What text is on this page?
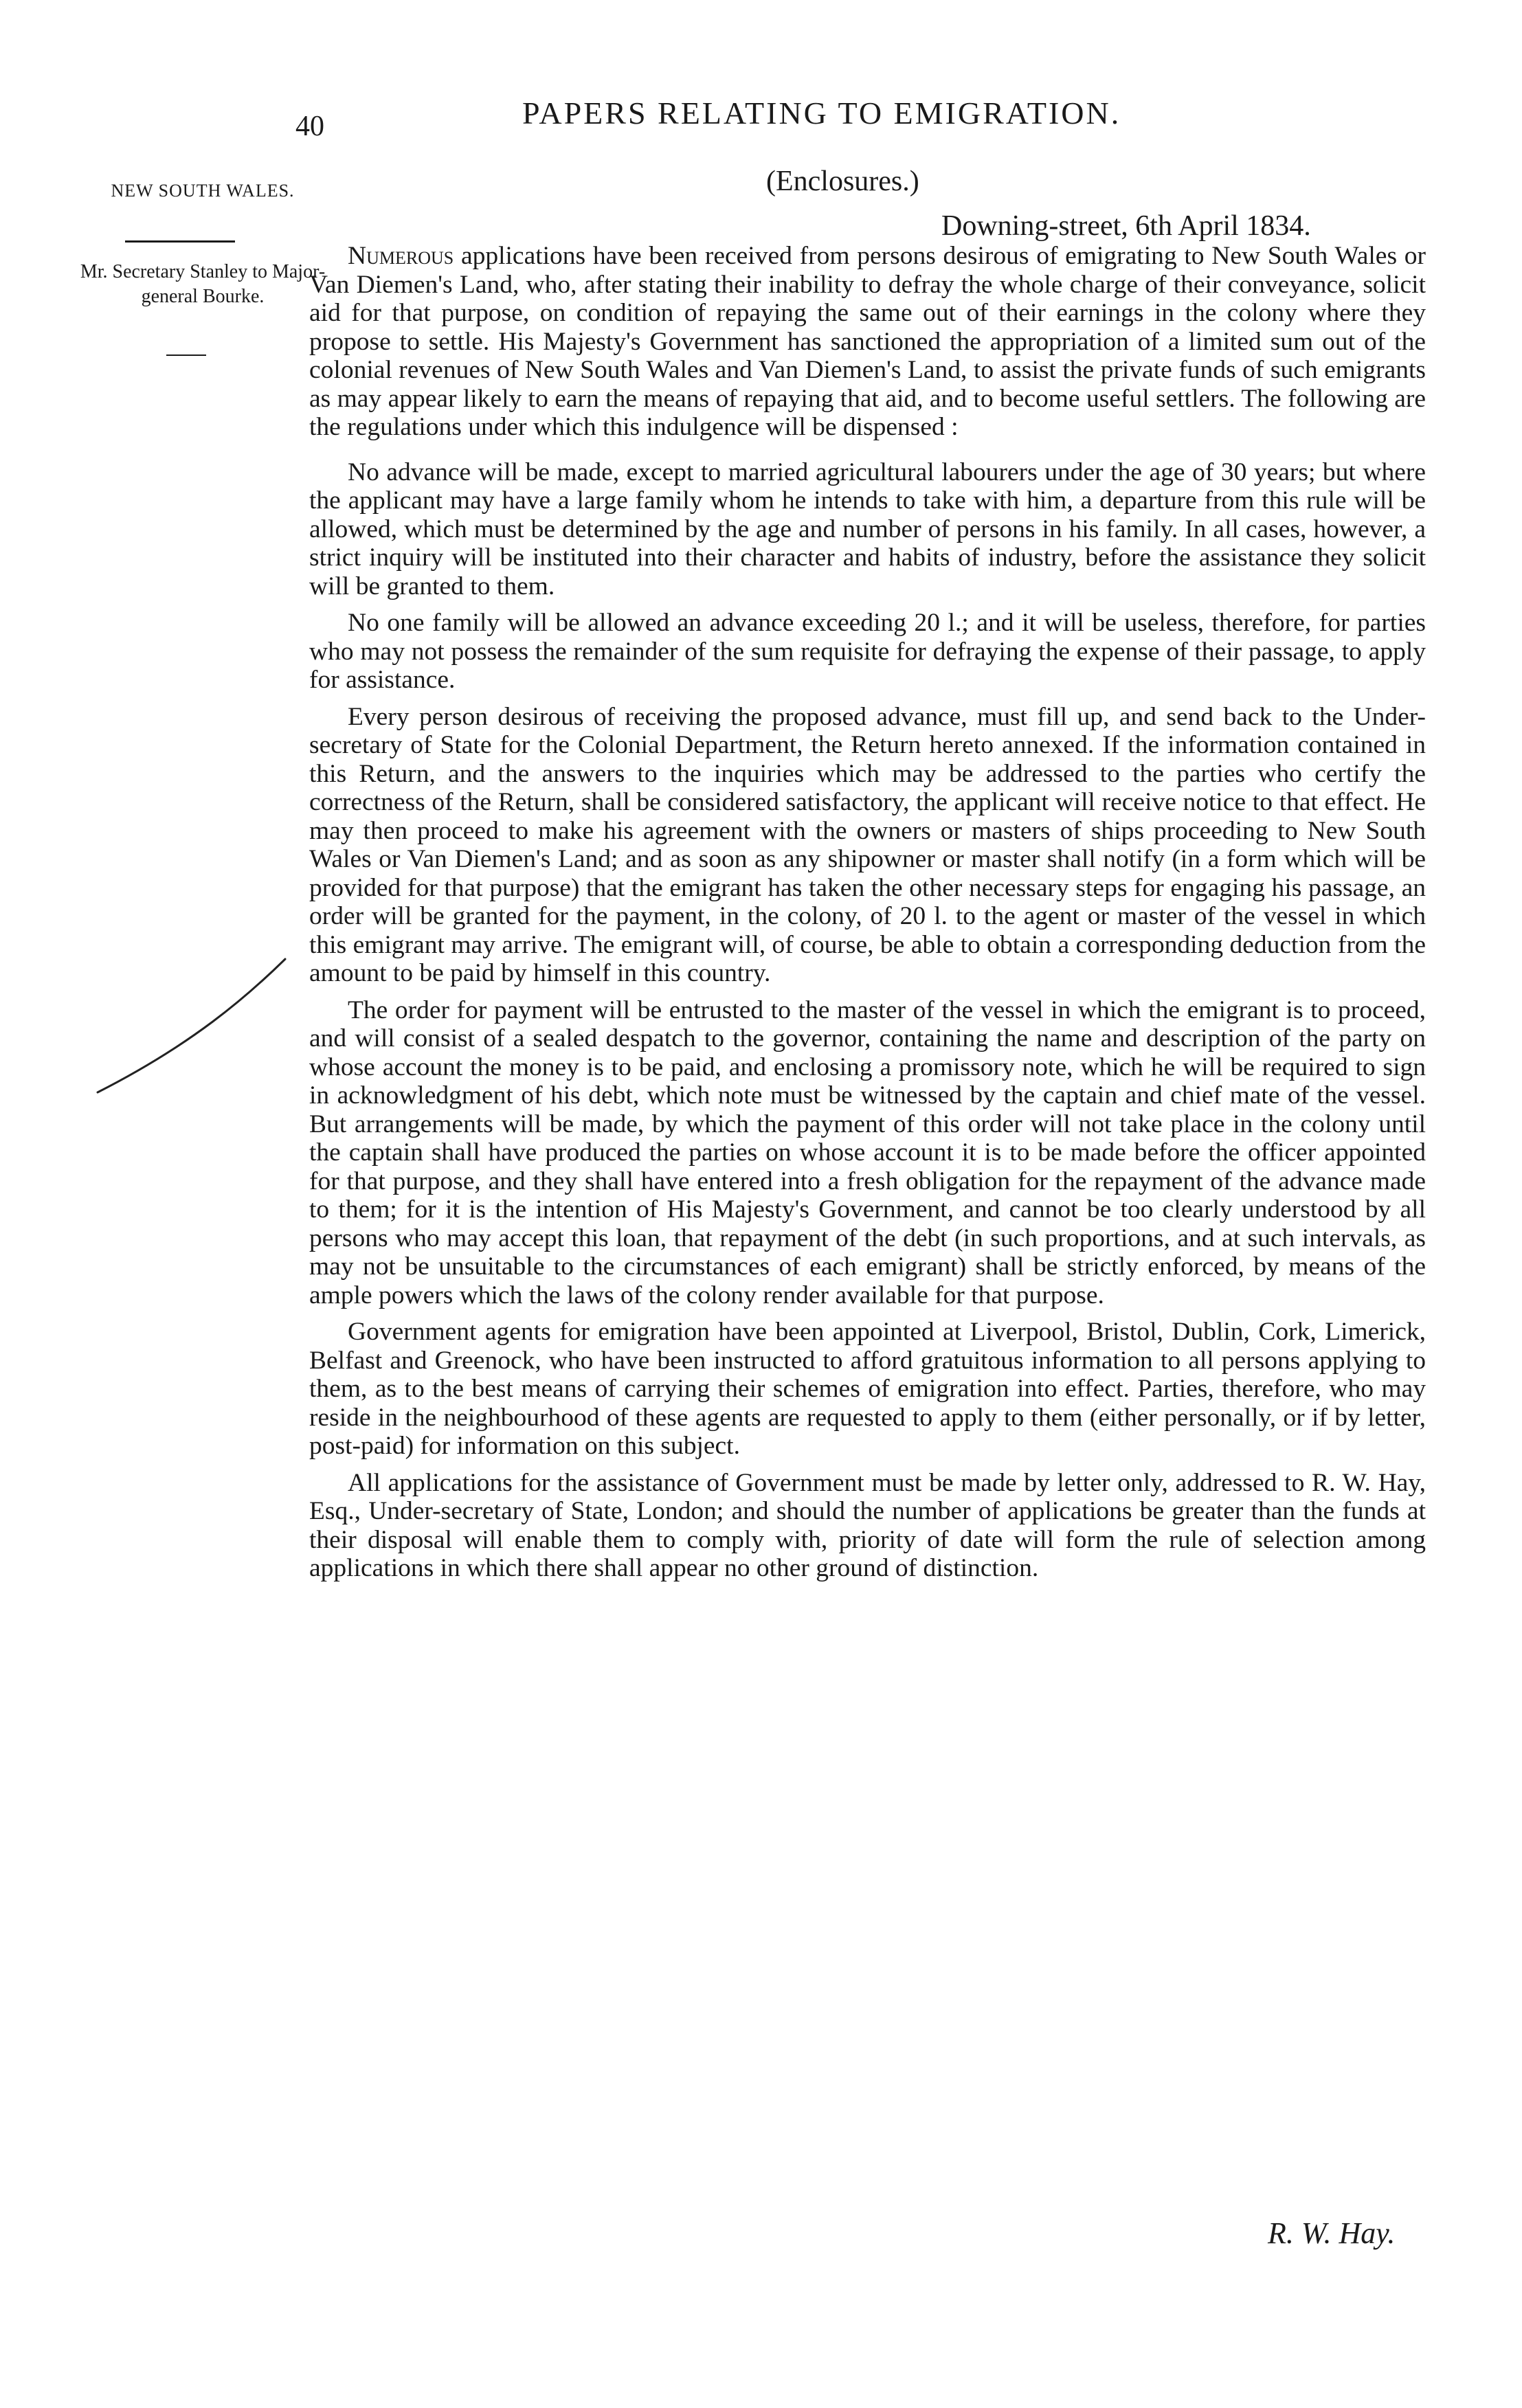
40	PAPERS RELATING TO EMIGRATION.
NEW SOUTH WALES.
Mr. Secretary Stanley to Major-general Bourke.
(Enclosures.)
Downing-street, 6th April 1834.

Numerous applications have been received from persons desirous of emigrating to New South Wales or Van Diemen's Land, who, after stating their inability to defray the whole charge of their conveyance, solicit aid for that purpose, on condition of repaying the same out of their earnings in the colony where they propose to settle. His Majesty's Government has sanctioned the appropriation of a limited sum out of the colonial revenues of New South Wales and Van Diemen's Land, to assist the private funds of such emigrants as may appear likely to earn the means of repaying that aid, and to become useful settlers. The following are the regulations under which this indulgence will be dispensed :

No advance will be made, except to married agricultural labourers under the age of 30 years; but where the applicant may have a large family whom he intends to take with him, a departure from this rule will be allowed, which must be determined by the age and number of persons in his family. In all cases, however, a strict inquiry will be instituted into their character and habits of industry, before the assistance they solicit will be granted to them.

No one family will be allowed an advance exceeding 20 l.; and it will be useless, therefore, for parties who may not possess the remainder of the sum requisite for defraying the expense of their passage, to apply for assistance.

Every person desirous of receiving the proposed advance, must fill up, and send back to the Under-secretary of State for the Colonial Department, the Return hereto annexed. If the information contained in this Return, and the answers to the inquiries which may be addressed to the parties who certify the correctness of the Return, shall be considered satisfactory, the applicant will receive notice to that effect. He may then proceed to make his agreement with the owners or masters of ships proceeding to New South Wales or Van Diemen's Land; and as soon as any shipowner or master shall notify (in a form which will be provided for that purpose) that the emigrant has taken the other necessary steps for engaging his passage, an order will be granted for the payment, in the colony, of 20 l. to the agent or master of the vessel in which this emigrant may arrive. The emigrant will, of course, be able to obtain a corresponding deduction from the amount to be paid by himself in this country.

The order for payment will be entrusted to the master of the vessel in which the emigrant is to proceed, and will consist of a sealed despatch to the governor, containing the name and description of the party on whose account the money is to be paid, and enclosing a promissory note, which he will be required to sign in acknowledgment of his debt, which note must be witnessed by the captain and chief mate of the vessel. But arrangements will be made, by which the payment of this order will not take place in the colony until the captain shall have produced the parties on whose account it is to be made before the officer appointed for that purpose, and they shall have entered into a fresh obligation for the repayment of the advance made to them; for it is the intention of His Majesty's Government, and cannot be too clearly understood by all persons who may accept this loan, that repayment of the debt (in such proportions, and at such intervals, as may not be unsuitable to the circumstances of each emigrant) shall be strictly enforced, by means of the ample powers which the laws of the colony render available for that purpose.

Government agents for emigration have been appointed at Liverpool, Bristol, Dublin, Cork, Limerick, Belfast and Greenock, who have been instructed to afford gratuitous information to all persons applying to them, as to the best means of carrying their schemes of emigration into effect. Parties, therefore, who may reside in the neighbourhood of these agents are requested to apply to them (either personally, or if by letter, post-paid) for information on this subject.

All applications for the assistance of Government must be made by letter only, addressed to R. W. Hay, Esq., Under-secretary of State, London; and should the number of applications be greater than the funds at their disposal will enable them to comply with, priority of date will form the rule of selection among applications in which there shall appear no other ground of distinction.

R. W. Hay.
